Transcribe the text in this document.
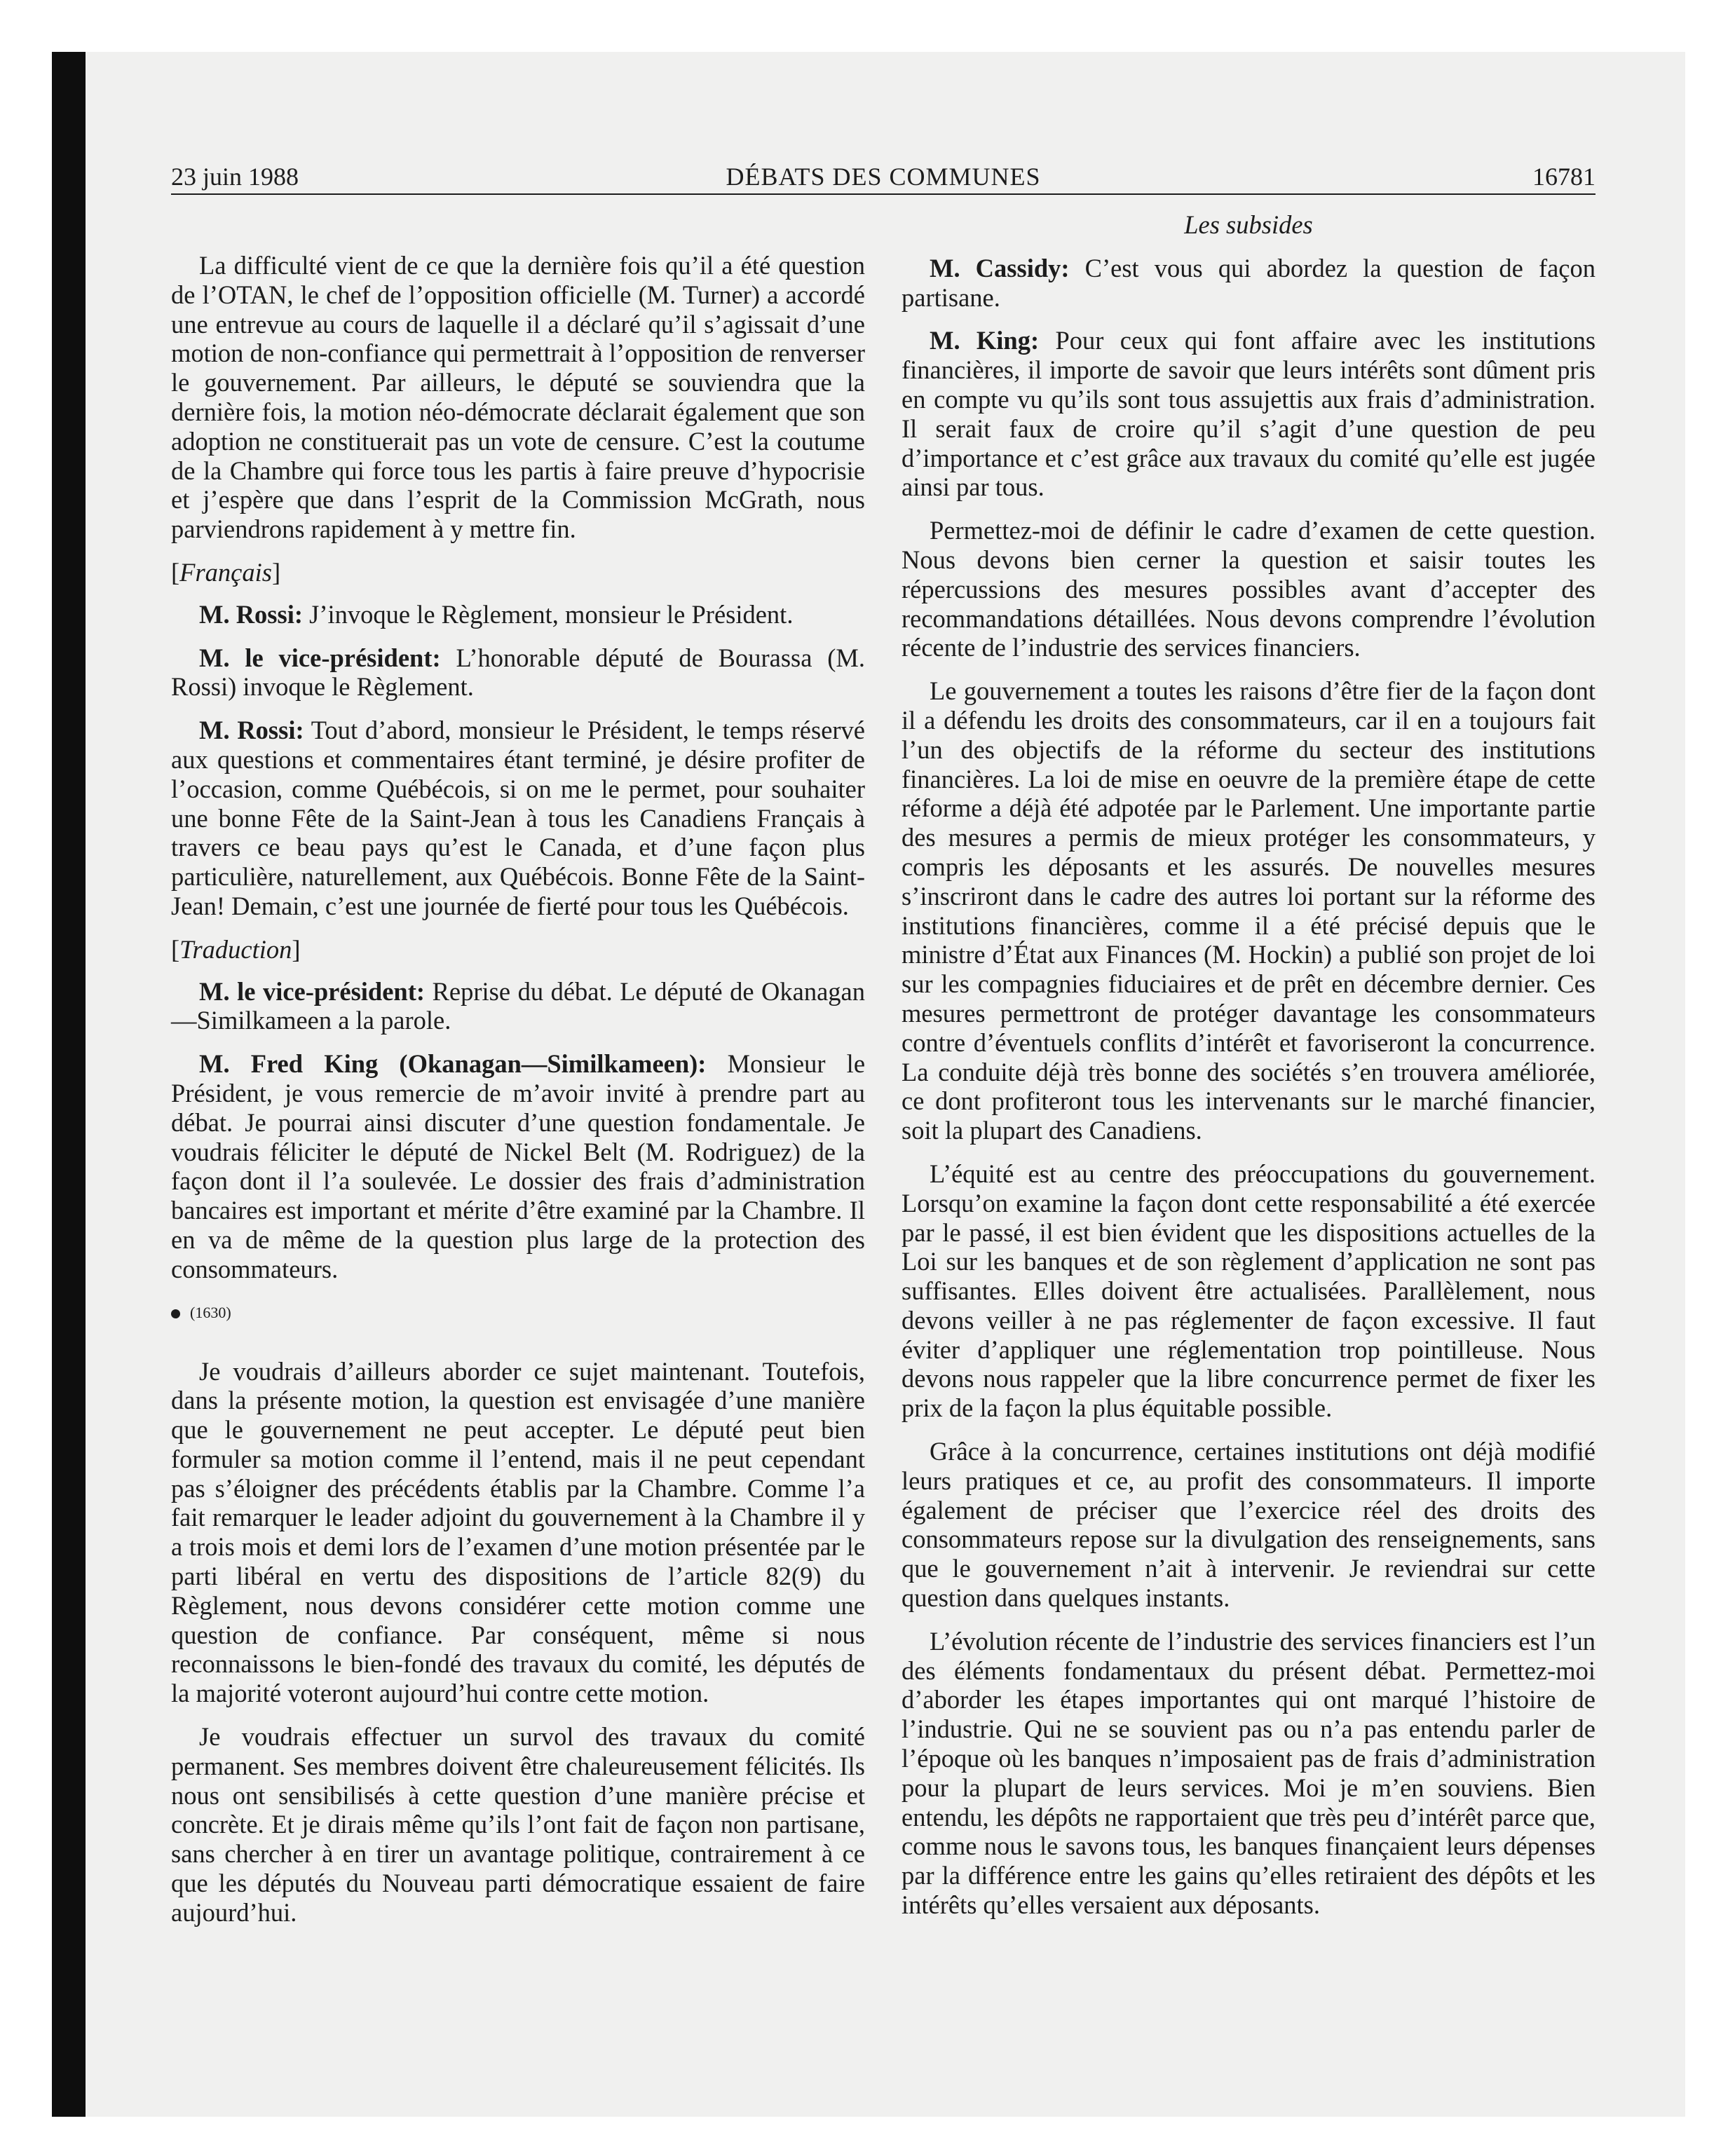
23 juin 1988	DÉBATS DES COMMUNES	16781

La difficulté vient de ce que la dernière fois qu’il a été question de l’OTAN, le chef de l’opposition officielle (M. Turner) a accordé une entrevue au cours de laquelle il a déclaré qu’il s’agissait d’une motion de non-confiance qui permettrait à l’opposition de renverser le gouvernement. Par ailleurs, le député se souviendra que la dernière fois, la motion néo-démocrate déclarait également que son adoption ne constituerait pas un vote de censure. C’est la coutume de la Chambre qui force tous les partis à faire preuve d’hypocrisie et j’espère que dans l’esprit de la Commission McGrath, nous parviendrons rapidement à y mettre fin.

[Français]

M. Rossi: J’invoque le Règlement, monsieur le Président.

M. le vice-président: L’honorable député de Bourassa (M. Rossi) invoque le Règlement.

M. Rossi: Tout d’abord, monsieur le Président, le temps réservé aux questions et commentaires étant terminé, je désire profiter de l’occasion, comme Québécois, si on me le permet, pour souhaiter une bonne Fête de la Saint-Jean à tous les Canadiens Français à travers ce beau pays qu’est le Canada, et d’une façon plus particulière, naturellement, aux Québécois. Bonne Fête de la Saint-Jean! Demain, c’est une journée de fierté pour tous les Québécois.

[Traduction]

M. le vice-président: Reprise du débat. Le député de Okanagan—Similkameen a la parole.

M. Fred King (Okanagan—Similkameen): Monsieur le Président, je vous remercie de m’avoir invité à prendre part au débat. Je pourrai ainsi discuter d’une question fondamentale. Je voudrais féliciter le député de Nickel Belt (M. Rodriguez) de la façon dont il l’a soulevée. Le dossier des frais d’administration bancaires est important et mérite d’être examiné par la Chambre. Il en va de même de la question plus large de la protection des consommateurs.

(1630)

Je voudrais d’ailleurs aborder ce sujet maintenant. Toutefois, dans la présente motion, la question est envisagée d’une manière que le gouvernement ne peut accepter. Le député peut bien formuler sa motion comme il l’entend, mais il ne peut cependant pas s’éloigner des précédents établis par la Chambre. Comme l’a fait remarquer le leader adjoint du gouvernement à la Chambre il y a trois mois et demi lors de l’examen d’une motion présentée par le parti libéral en vertu des dispositions de l’article 82(9) du Règlement, nous devons considérer cette motion comme une question de confiance. Par conséquent, même si nous reconnaissons le bien-fondé des travaux du comité, les députés de la majorité voteront aujourd’hui contre cette motion.

Je voudrais effectuer un survol des travaux du comité permanent. Ses membres doivent être chaleureusement félicités. Ils nous ont sensibilisés à cette question d’une manière précise et concrète. Et je dirais même qu’ils l’ont fait de façon non partisane, sans chercher à en tirer un avantage politique, contrairement à ce que les députés du Nouveau parti démocratique essaient de faire aujourd’hui.

Les subsides

M. Cassidy: C’est vous qui abordez la question de façon partisane.

M. King: Pour ceux qui font affaire avec les institutions financières, il importe de savoir que leurs intérêts sont dûment pris en compte vu qu’ils sont tous assujettis aux frais d’administration. Il serait faux de croire qu’il s’agit d’une question de peu d’importance et c’est grâce aux travaux du comité qu’elle est jugée ainsi par tous.

Permettez-moi de définir le cadre d’examen de cette question. Nous devons bien cerner la question et saisir toutes les répercussions des mesures possibles avant d’accepter des recommandations détaillées. Nous devons comprendre l’évolution récente de l’industrie des services financiers.

Le gouvernement a toutes les raisons d’être fier de la façon dont il a défendu les droits des consommateurs, car il en a toujours fait l’un des objectifs de la réforme du secteur des institutions financières. La loi de mise en oeuvre de la première étape de cette réforme a déjà été adpotée par le Parlement. Une importante partie des mesures a permis de mieux protéger les consommateurs, y compris les déposants et les assurés. De nouvelles mesures s’inscriront dans le cadre des autres loi portant sur la réforme des institutions financières, comme il a été précisé depuis que le ministre d’État aux Finances (M. Hockin) a publié son projet de loi sur les compagnies fiduciaires et de prêt en décembre dernier. Ces mesures permettront de protéger davantage les consommateurs contre d’éventuels conflits d’intérêt et favoriseront la concurrence. La conduite déjà très bonne des sociétés s’en trouvera améliorée, ce dont profiteront tous les intervenants sur le marché financier, soit la plupart des Canadiens.

L’équité est au centre des préoccupations du gouvernement. Lorsqu’on examine la façon dont cette responsabilité a été exercée par le passé, il est bien évident que les dispositions actuelles de la Loi sur les banques et de son règlement d’application ne sont pas suffisantes. Elles doivent être actualisées. Parallèlement, nous devons veiller à ne pas réglementer de façon excessive. Il faut éviter d’appliquer une réglementation trop pointilleuse. Nous devons nous rappeler que la libre concurrence permet de fixer les prix de la façon la plus équitable possible.

Grâce à la concurrence, certaines institutions ont déjà modifié leurs pratiques et ce, au profit des consommateurs. Il importe également de préciser que l’exercice réel des droits des consommateurs repose sur la divulgation des renseignements, sans que le gouvernement n’ait à intervenir. Je reviendrai sur cette question dans quelques instants.

L’évolution récente de l’industrie des services financiers est l’un des éléments fondamentaux du présent débat. Permettez-moi d’aborder les étapes importantes qui ont marqué l’histoire de l’industrie. Qui ne se souvient pas ou n’a pas entendu parler de l’époque où les banques n’imposaient pas de frais d’administration pour la plupart de leurs services. Moi je m’en souviens. Bien entendu, les dépôts ne rapportaient que très peu d’intérêt parce que, comme nous le savons tous, les banques finançaient leurs dépenses par la différence entre les gains qu’elles retiraient des dépôts et les intérêts qu’elles versaient aux déposants.
